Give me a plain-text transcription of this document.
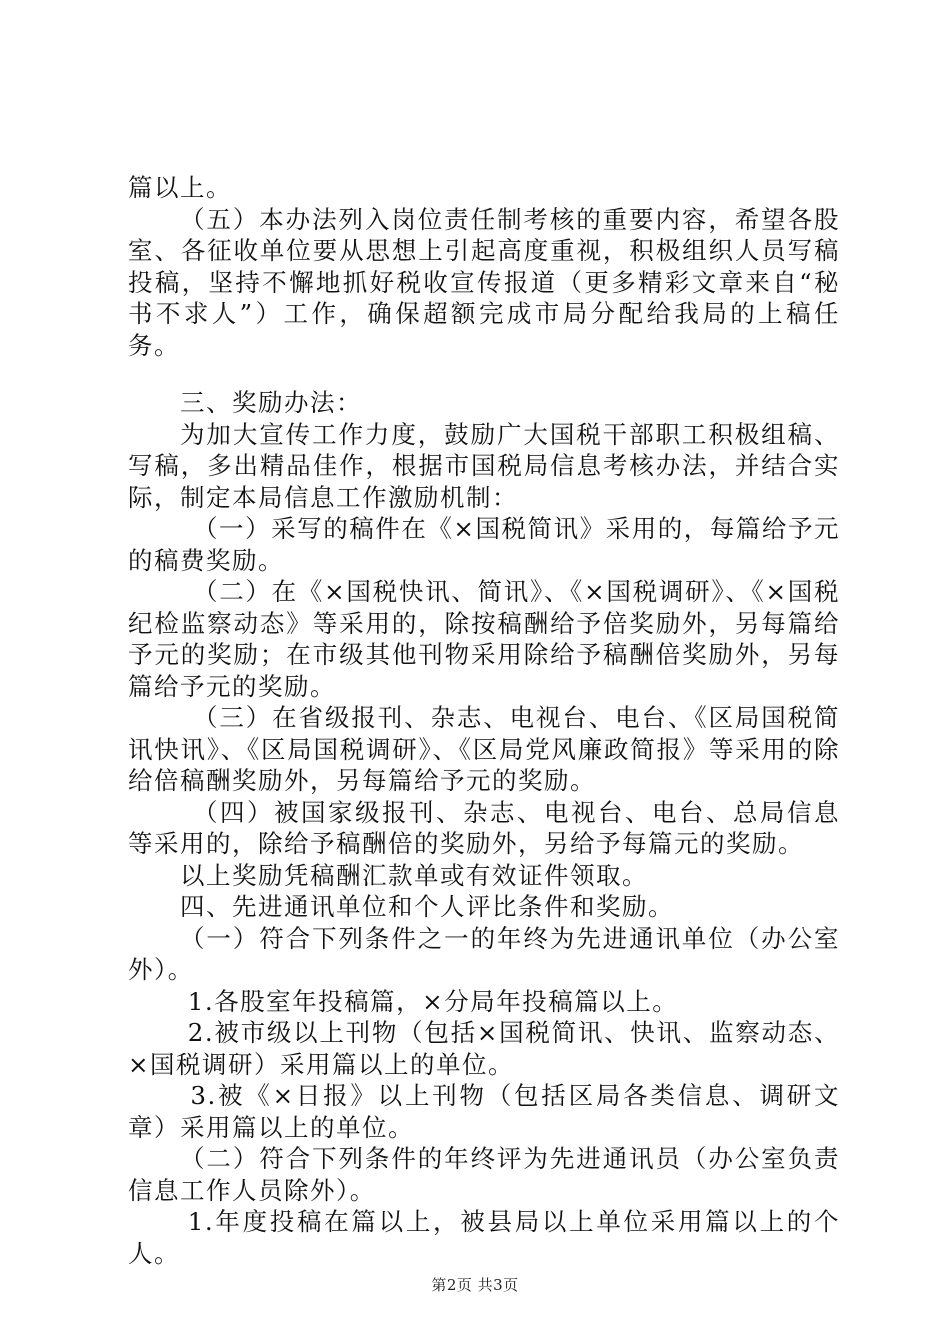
篇以上。

（五）本办法列入岗位责任制考核的重要内容，希望各股室、各征收单位要从思想上引起高度重视，积极组织人员写稿投稿，坚持不懈地抓好税收宣传报道（更多精彩文章来自“秘书不求人”）工作，确保超额完成市局分配给我局的上稿任务。

三、奖励办法：

为加大宣传工作力度，鼓励广大国税干部职工积极组稿、写稿，多出精品佳作，根据市国税局信息考核办法，并结合实际，制定本局信息工作激励机制：

（一）采写的稿件在《×国税简讯》采用的，每篇给予元的稿费奖励。

（二）在《×国税快讯、简讯》、《×国税调研》、《×国税纪检监察动态》等采用的，除按稿酬给予倍奖励外，另每篇给予元的奖励；在市级其他刊物采用除给予稿酬倍奖励外，另每篇给予元的奖励。

（三）在省级报刊、杂志、电视台、电台、《区局国税简讯快讯》、《区局国税调研》、《区局党风廉政简报》等采用的除给倍稿酬奖励外，另每篇给予元的奖励。

（四）被国家级报刊、杂志、电视台、电台、总局信息等采用的，除给予稿酬倍的奖励外，另给予每篇元的奖励。

以上奖励凭稿酬汇款单或有效证件领取。

四、先进通讯单位和个人评比条件和奖励。

（一）符合下列条件之一的年终为先进通讯单位（办公室外）。

1.各股室年投稿篇，×分局年投稿篇以上。

2.被市级以上刊物（包括×国税简讯、快讯、监察动态、×国税调研）采用篇以上的单位。

3.被《×日报》以上刊物（包括区局各类信息、调研文章）采用篇以上的单位。

（二）符合下列条件的年终评为先进通讯员（办公室负责信息工作人员除外）。

1.年度投稿在篇以上，被县局以上单位采用篇以上的个人。

第2页 共3页
